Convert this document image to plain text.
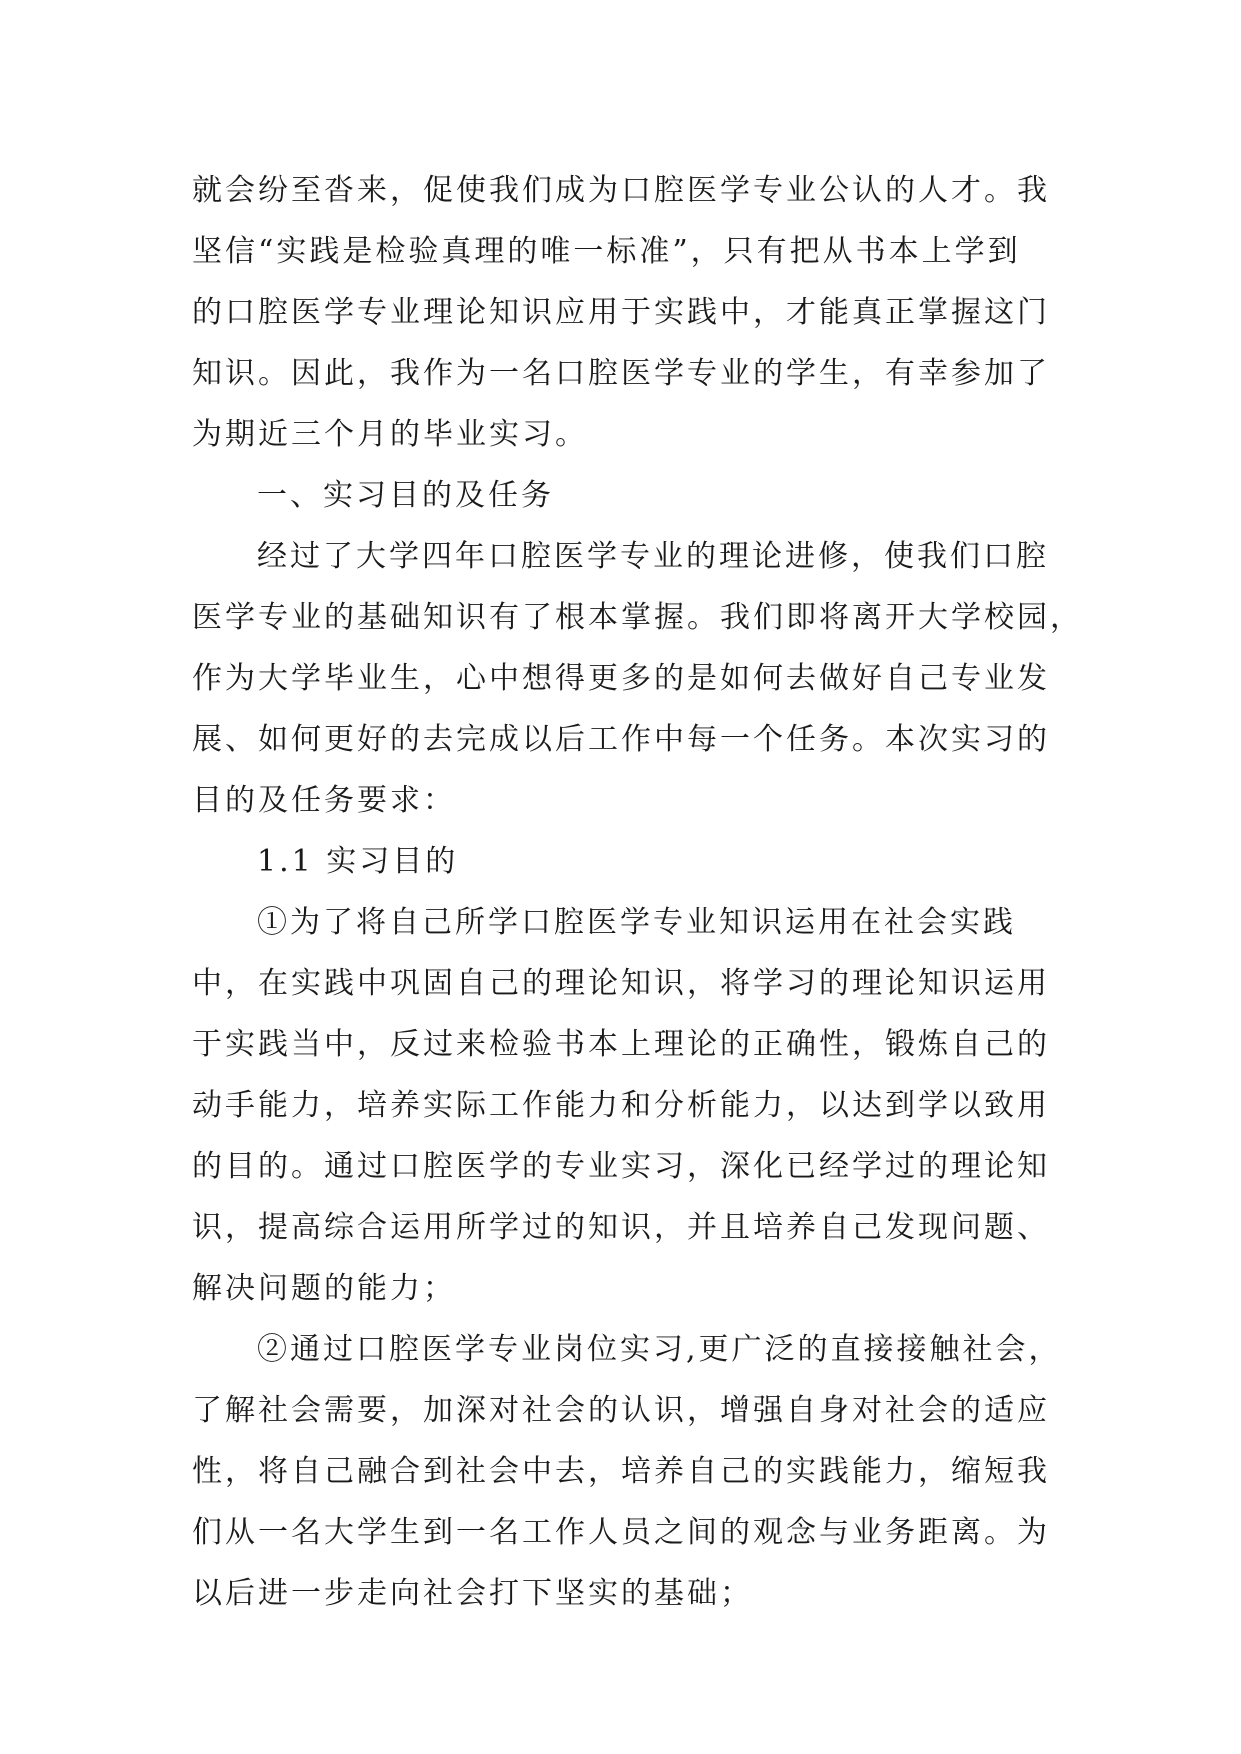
就会纷至沓来，促使我们成为口腔医学专业公认的人才。我
坚信“实践是检验真理的唯一标准”，只有把从书本上学到
的口腔医学专业理论知识应用于实践中，才能真正掌握这门
知识。因此，我作为一名口腔医学专业的学生，有幸参加了
为期近三个月的毕业实习。
一、实习目的及任务
经过了大学四年口腔医学专业的理论进修，使我们口腔
医学专业的基础知识有了根本掌握。我们即将离开大学校园，
作为大学毕业生，心中想得更多的是如何去做好自己专业发
展、如何更好的去完成以后工作中每一个任务。本次实习的
目的及任务要求：
1.1 实习目的
①为了将自己所学口腔医学专业知识运用在社会实践
中，在实践中巩固自己的理论知识，将学习的理论知识运用
于实践当中，反过来检验书本上理论的正确性，锻炼自己的
动手能力，培养实际工作能力和分析能力，以达到学以致用
的目的。通过口腔医学的专业实习，深化已经学过的理论知
识，提高综合运用所学过的知识，并且培养自己发现问题、
解决问题的能力；
②通过口腔医学专业岗位实习,更广泛的直接接触社会，
了解社会需要，加深对社会的认识，增强自身对社会的适应
性，将自己融合到社会中去，培养自己的实践能力，缩短我
们从一名大学生到一名工作人员之间的观念与业务距离。为
以后进一步走向社会打下坚实的基础；
